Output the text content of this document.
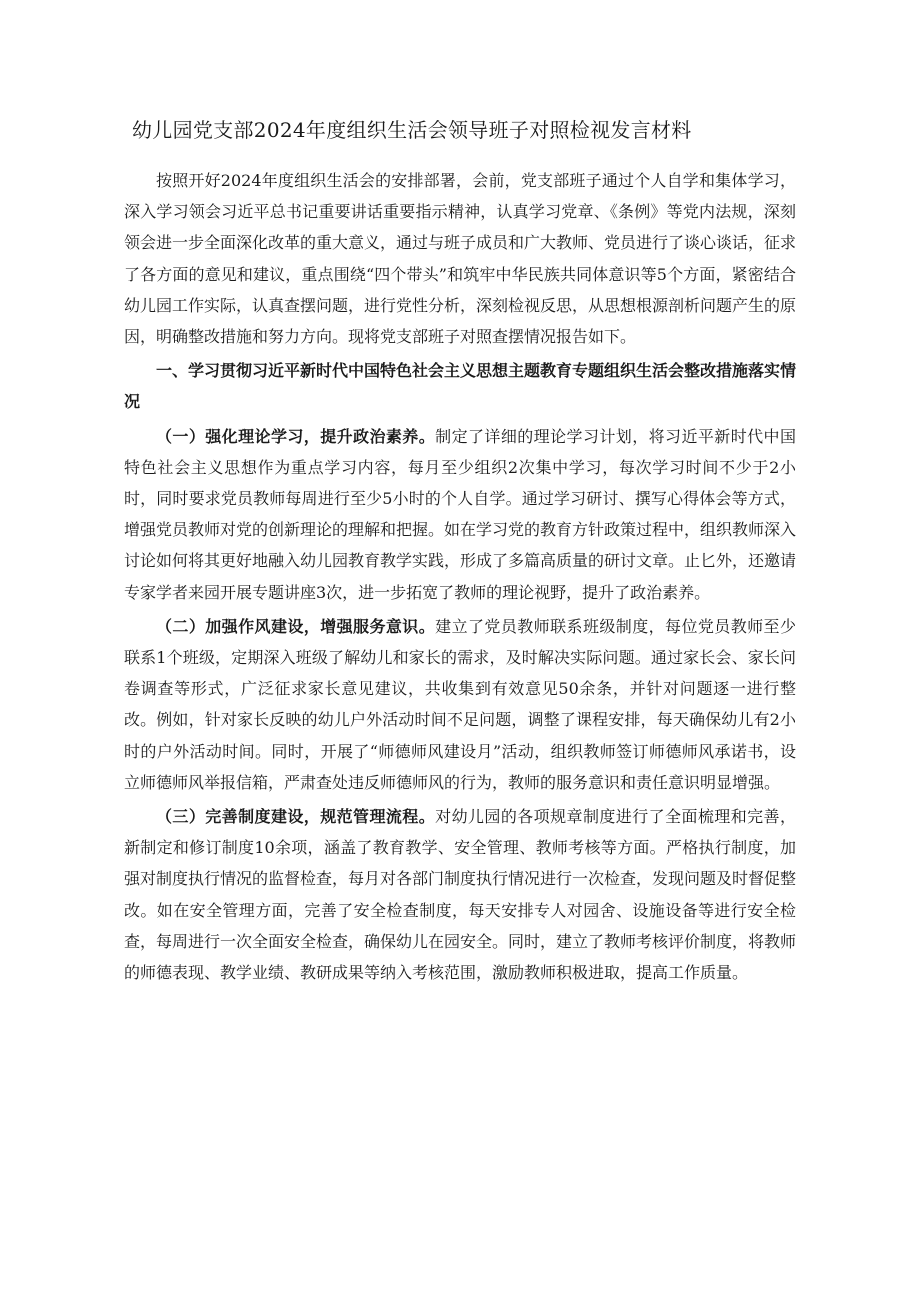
幼儿园党支部2024年度组织生活会领导班子对照检视发言材料

按照开好2024年度组织生活会的安排部署，会前，党支部班子通过个人自学和集体学习，深入学习领会习近平总书记重要讲话重要指示精神，认真学习党章、《条例》等党内法规，深刻领会进一步全面深化改革的重大意义，通过与班子成员和广大教师、党员进行了谈心谈话，征求了各方面的意见和建议，重点围绕“四个带头”和筑牢中华民族共同体意识等5个方面，紧密结合幼儿园工作实际，认真查摆问题，进行党性分析，深刻检视反思，从思想根源剖析问题产生的原因，明确整改措施和努力方向。现将党支部班子对照查摆情况报告如下。

一、学习贯彻习近平新时代中国特色社会主义思想主题教育专题组织生活会整改措施落实情况

（一）强化理论学习，提升政治素养。制定了详细的理论学习计划，将习近平新时代中国特色社会主义思想作为重点学习内容，每月至少组织2次集中学习，每次学习时间不少于2小时，同时要求党员教师每周进行至少5小时的个人自学。通过学习研讨、撰写心得体会等方式，增强党员教师对党的创新理论的理解和把握。如在学习党的教育方针政策过程中，组织教师深入讨论如何将其更好地融入幼儿园教育教学实践，形成了多篇高质量的研讨文章。止匕外，还邀请专家学者来园开展专题讲座3次，进一步拓宽了教师的理论视野，提升了政治素养。

（二）加强作风建设，增强服务意识。建立了党员教师联系班级制度，每位党员教师至少联系1个班级，定期深入班级了解幼儿和家长的需求，及时解决实际问题。通过家长会、家长问卷调查等形式，广泛征求家长意见建议，共收集到有效意见50余条，并针对问题逐一进行整改。例如，针对家长反映的幼儿户外活动时间不足问题，调整了课程安排，每天确保幼儿有2小时的户外活动时间。同时，开展了“师德师风建设月”活动，组织教师签订师德师风承诺书，设立师德师风举报信箱，严肃查处违反师德师风的行为，教师的服务意识和责任意识明显增强。

（三）完善制度建设，规范管理流程。对幼儿园的各项规章制度进行了全面梳理和完善，新制定和修订制度10余项，涵盖了教育教学、安全管理、教师考核等方面。严格执行制度，加强对制度执行情况的监督检查，每月对各部门制度执行情况进行一次检查，发现问题及时督促整改。如在安全管理方面，完善了安全检查制度，每天安排专人对园舍、设施设备等进行安全检查，每周进行一次全面安全检查，确保幼儿在园安全。同时，建立了教师考核评价制度，将教师的师德表现、教学业绩、教研成果等纳入考核范围，激励教师积极进取，提高工作质量。
